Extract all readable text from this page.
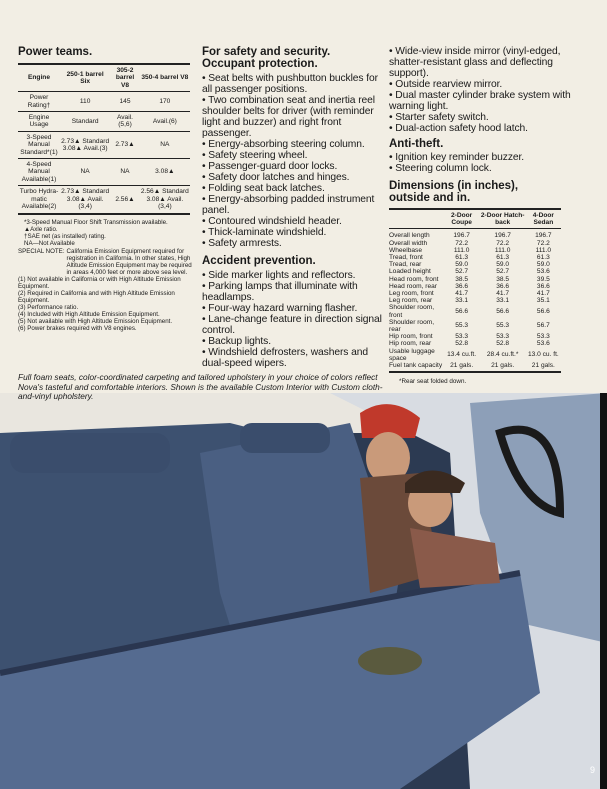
Power teams.
Engine	250-1 barrel Six	305-2 barrel V8	350-4 barrel V8
Power Rating†	110	145	170
Engine Usage	Standard	Avail.(5,6)	Avail.(6)
3-Speed Manual Standard*(1)	2.73▲ Standard 3.08▲ Avail.(3)	2.73▲	NA
4-Speed Manual Available(1)	NA	NA	3.08▲
Turbo Hydra-matic Available(2)	2.73▲ Standard 3.08▲ Avail.(3,4)	2.56▲	2.56▲ Standard 3.08▲ Avail.(3,4)
*3-Speed Manual Floor Shift Transmission available.
▲Axle ratio.
†SAE net (as installed) rating.
NA—Not Available
SPECIAL NOTE: California Emission Equipment required for registration in California. In other states, High Altitude Emission Equipment may be required in areas 4,000 feet or more above sea level.
(1) Not available in California or with High Altitude Emission Equipment.
(2) Required in California and with High Altitude Emission Equipment.
(3) Performance ratio.
(4) Included with High Altitude Emission Equipment.
(5) Not available with High Altitude Emission Equipment.
(6) Power brakes required with V8 engines.
For safety and security. Occupant protection.
• Seat belts with pushbutton buckles for all passenger positions.
• Two combination seat and inertia reel shoulder belts for driver (with reminder light and buzzer) and right front passenger.
• Energy-absorbing steering column.
• Safety steering wheel.
• Passenger-guard door locks.
• Safety door latches and hinges.
• Folding seat back latches.
• Energy-absorbing padded instrument panel.
• Contoured windshield header.
• Thick-laminate windshield.
• Safety armrests.
Accident prevention.
• Side marker lights and reflectors.
• Parking lamps that illuminate with headlamps.
• Four-way hazard warning flasher.
• Lane-change feature in direction signal control.
• Backup lights.
• Windshield defrosters, washers and dual-speed wipers.
• Wide-view inside mirror (vinyl-edged, shatter-resistant glass and deflecting support).
• Outside rearview mirror.
• Dual master cylinder brake system with warning light.
• Starter safety switch.
• Dual-action safety hood latch.
Anti-theft.
• Ignition key reminder buzzer.
• Steering column lock.
Dimensions (in inches), outside and in.
	2-Door Coupe	2-Door Hatch-back	4-Door Sedan
Overall length	196.7	196.7	196.7
Overall width	72.2	72.2	72.2
Wheelbase	111.0	111.0	111.0
Tread, front	61.3	61.3	61.3
Tread, rear	59.0	59.0	59.0
Loaded height	52.7	52.7	53.6
Head room, front	38.5	38.5	39.5
Head room, rear	36.6	36.6	36.6
Leg room, front	41.7	41.7	41.7
Leg room, rear	33.1	33.1	35.1
Shoulder room, front	56.6	56.6	56.6
Shoulder room, rear	55.3	55.3	56.7
Hip room, front	53.3	53.3	53.3
Hip room, rear	52.8	52.8	53.6
Usable luggage space	13.4 cu.ft.	28.4 cu.ft.*	13.0 cu. ft.
Fuel tank capacity	21 gals.	21 gals.	21 gals.
*Rear seat folded down.
Full foam seats, color-coordinated carpeting and tailored upholstery in your choice of colors reflect Nova's tasteful and comfortable interiors. Shown is the available Custom Interior with Custom cloth-and-vinyl upholstery.
9
